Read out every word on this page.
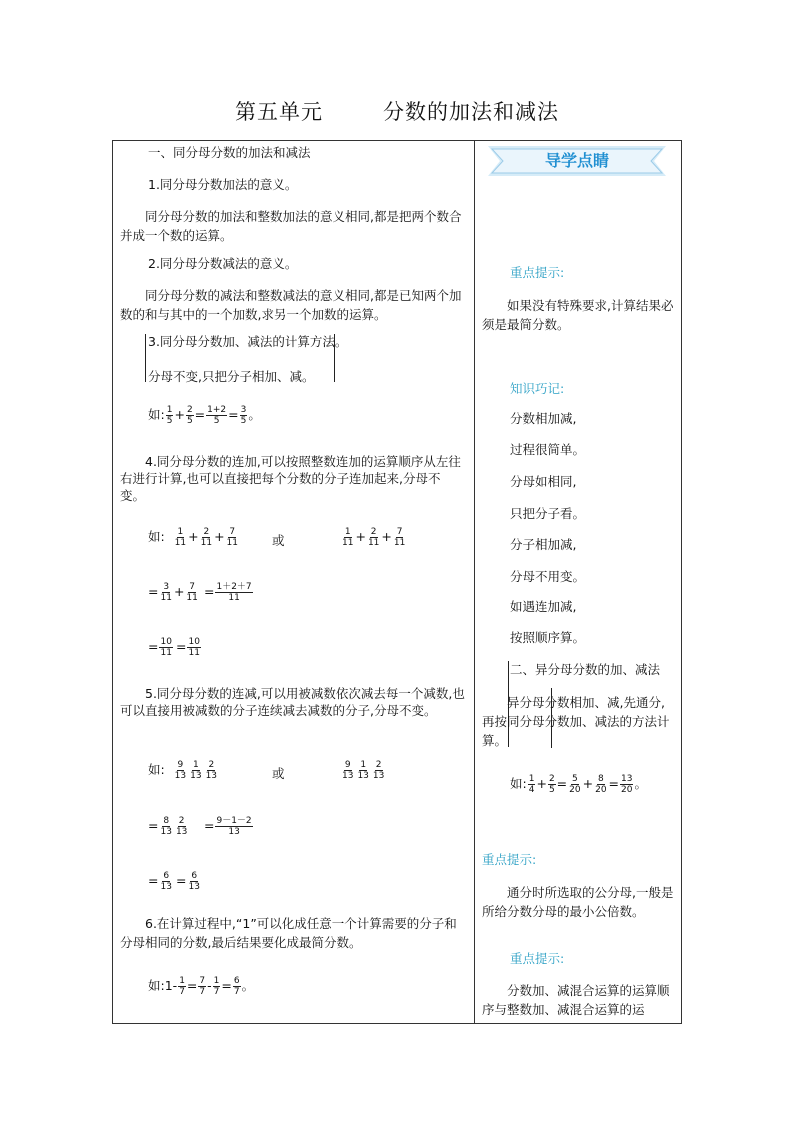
第五单元	分数的加法和减法
一、同分母分数的加法和减法
1.同分母分数加法的意义。
同分母分数的加法和整数加法的意义相同,都是把两个数合并成一个数的运算。
2.同分母分数减法的意义。
同分母分数的减法和整数减法的意义相同,都是已知两个加数的和与其中的一个加数,求另一个加数的运算。
3.同分母分数加、减法的计算方法。
分母不变,只把分子相加、减。
如: $\frac{1}{5} + \frac{2}{5} = \frac{1+2}{5} = \frac{3}{5}$ 。
4.同分母分数的连加,可以按照整数连加的运算顺序从左往右进行计算,也可以直接把每个分数的分子连加起来,分母不变。
如: $\frac{1}{11} + \frac{2}{11} + \frac{7}{11}$	或	$\frac{1}{11} + \frac{2}{11} + \frac{7}{11}$
= $\frac{3}{11} + \frac{7}{11} = \frac{1+2+7}{11}$
= $\frac{10}{11} = \frac{10}{11}$
5.同分母分数的连减,可以用被减数依次减去每一个减数,也可以直接用被减数的分子连续减去减数的分子,分母不变。
如: $\frac{9}{13} \frac{1}{13} \frac{2}{13}$	或	$\frac{9}{13} \frac{1}{13} \frac{2}{13}$
= $\frac{8}{13} \frac{2}{13} = \frac{9-1-2}{13}$
= $\frac{6}{13} = \frac{6}{13}$
6.在计算过程中,“1”可以化成任意一个计算需要的分子和分母相同的分数,最后结果要化成最简分数。
如:1- $\frac{1}{7} = \frac{7}{7} - \frac{1}{7} = \frac{6}{7}$ 。
导学点睛
重点提示:
如果没有特殊要求,计算结果必须是最简分数。
知识巧记:
分数相加减,
过程很简单。
分母如相同,
只把分子看。
分子相加减,
分母不用变。
如遇连加减,
按照顺序算。
二、异分母分数的加、减法
异分母分数相加、减,先通分,再按同分母分数加、减法的方法计算。
如: $\frac{1}{4} + \frac{2}{5} = \frac{5}{20} + \frac{8}{20} = \frac{13}{20}$ 。
重点提示:
通分时所选取的公分母,一般是所给分数分母的最小公倍数。
重点提示:
分数加、减混合运算的运算顺序与整数加、减混合运算的运
